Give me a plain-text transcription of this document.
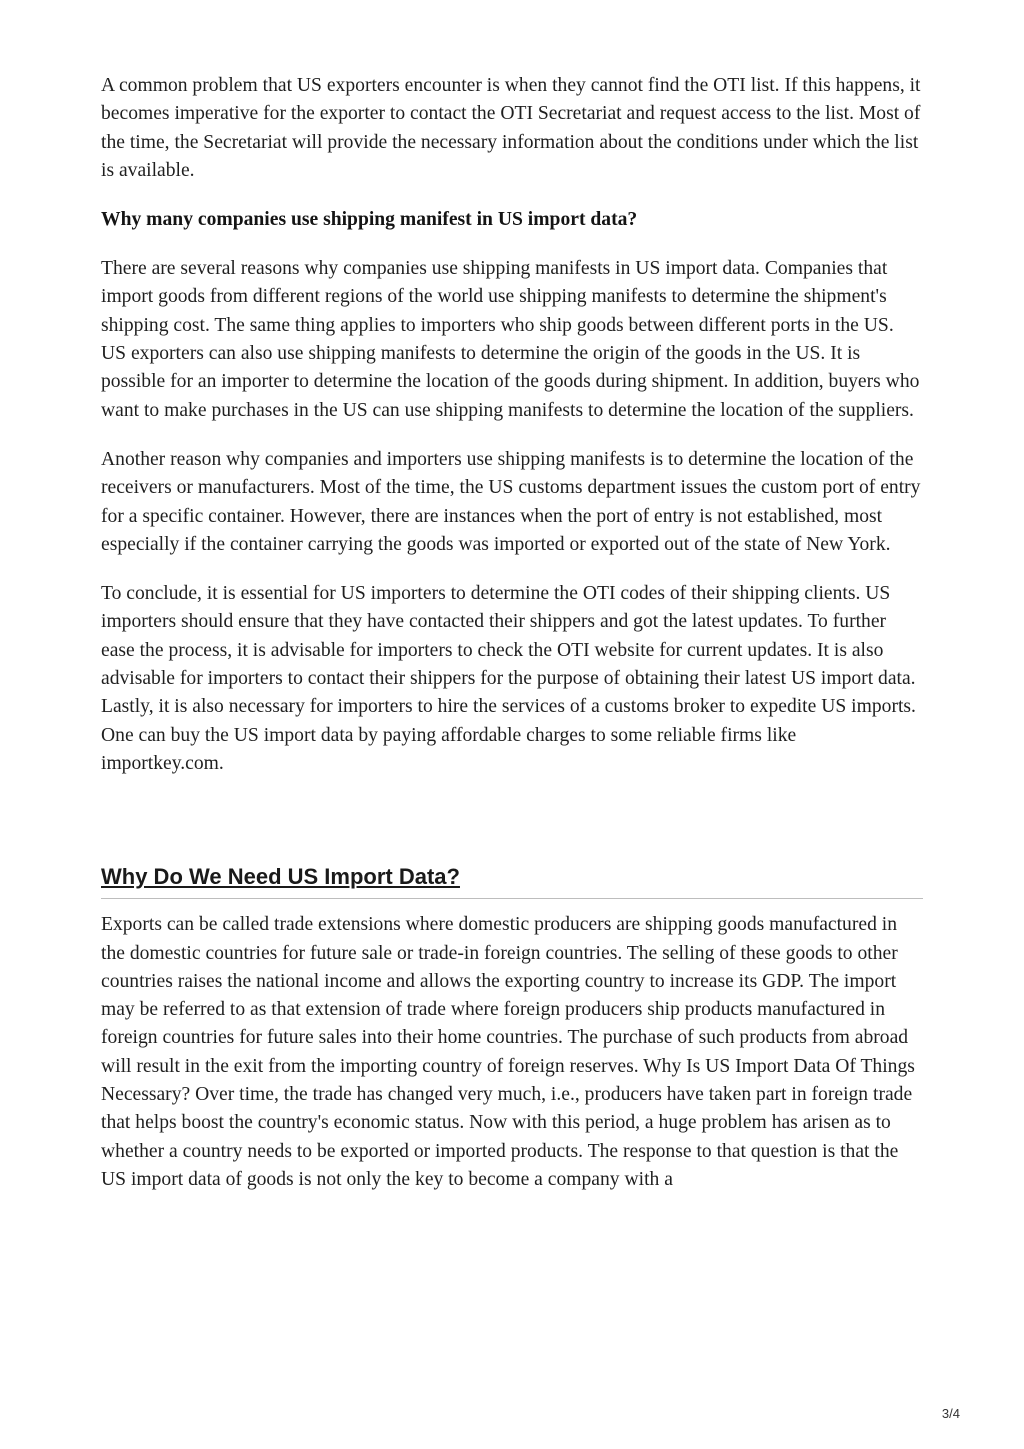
A common problem that US exporters encounter is when they cannot find the OTI list. If this happens, it becomes imperative for the exporter to contact the OTI Secretariat and request access to the list. Most of the time, the Secretariat will provide the necessary information about the conditions under which the list is available.

Why many companies use shipping manifest in US import data?

There are several reasons why companies use shipping manifests in US import data. Companies that import goods from different regions of the world use shipping manifests to determine the shipment's shipping cost. The same thing applies to importers who ship goods between different ports in the US. US exporters can also use shipping manifests to determine the origin of the goods in the US. It is possible for an importer to determine the location of the goods during shipment. In addition, buyers who want to make purchases in the US can use shipping manifests to determine the location of the suppliers.

Another reason why companies and importers use shipping manifests is to determine the location of the receivers or manufacturers. Most of the time, the US customs department issues the custom port of entry for a specific container. However, there are instances when the port of entry is not established, most especially if the container carrying the goods was imported or exported out of the state of New York.

To conclude, it is essential for US importers to determine the OTI codes of their shipping clients. US importers should ensure that they have contacted their shippers and got the latest updates. To further ease the process, it is advisable for importers to check the OTI website for current updates. It is also advisable for importers to contact their shippers for the purpose of obtaining their latest US import data. Lastly, it is also necessary for importers to hire the services of a customs broker to expedite US imports. One can buy the US import data by paying affordable charges to some reliable firms like importkey.com.

Why Do We Need US Import Data?

Exports can be called trade extensions where domestic producers are shipping goods manufactured in the domestic countries for future sale or trade-in foreign countries. The selling of these goods to other countries raises the national income and allows the exporting country to increase its GDP. The import may be referred to as that extension of trade where foreign producers ship products manufactured in foreign countries for future sales into their home countries. The purchase of such products from abroad will result in the exit from the importing country of foreign reserves. Why Is US Import Data Of Things Necessary? Over time, the trade has changed very much, i.e., producers have taken part in foreign trade that helps boost the country's economic status. Now with this period, a huge problem has arisen as to whether a country needs to be exported or imported products. The response to that question is that the US import data of goods is not only the key to become a company with a

3/4
